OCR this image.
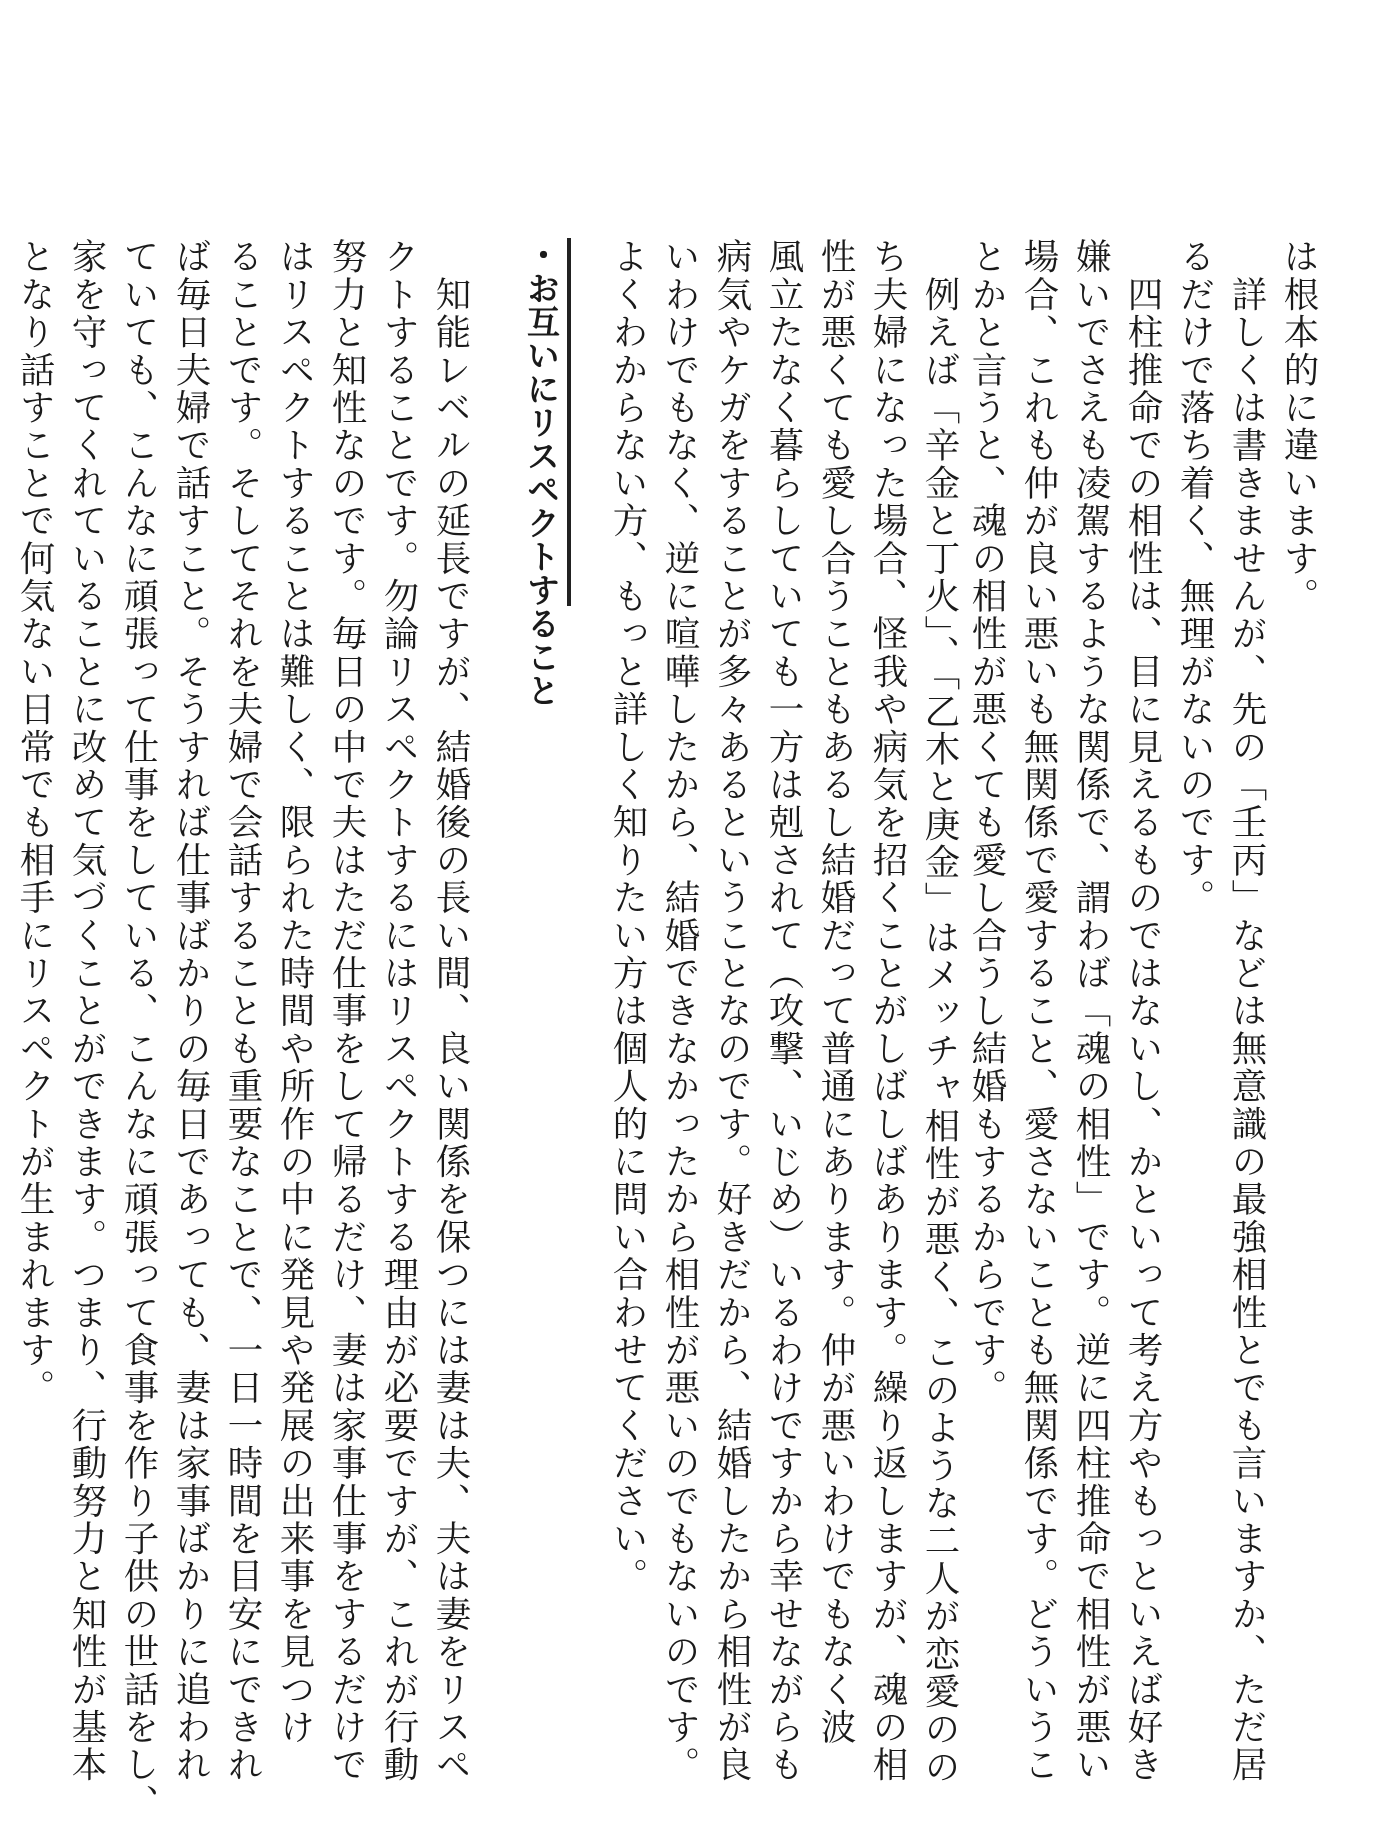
は根本的に違います。
　詳しくは書きませんが、先の「壬丙」などは無意識の最強相性とでも言いますか、ただ居
るだけで落ち着く、無理がないのです。
　四柱推命での相性は、目に見えるものではないし、かといって考え方やもっといえば好き
嫌いでさえも凌駕するような関係で、謂わば「魂の相性」です。逆に四柱推命で相性が悪い
場合、これも仲が良い悪いも無関係で愛すること、愛さないことも無関係です。どういうこ
とかと言うと、魂の相性が悪くても愛し合うし結婚もするからです。
　例えば「辛金と丁火」、「乙木と庚金」はメッチャ相性が悪く、このような二人が恋愛のの
ち夫婦になった場合、怪我や病気を招くことがしばしばあります。繰り返しますが、魂の相
性が悪くても愛し合うこともあるし結婚だって普通にあります。仲が悪いわけでもなく波
風立たなく暮らしていても一方は剋されて（攻撃、いじめ）いるわけですから幸せながらも
病気やケガをすることが多々あるということなのです。好きだから、結婚したから相性が良
いわけでもなく、逆に喧嘩したから、結婚できなかったから相性が悪いのでもないのです。
よくわからない方、もっと詳しく知りたい方は個人的に問い合わせてください。
・お互いにリスペクトすること
　知能レベルの延長ですが、結婚後の長い間、良い関係を保つには妻は夫、夫は妻をリスペ
クトすることです。勿論リスペクトするにはリスペクトする理由が必要ですが、これが行動
努力と知性なのです。毎日の中で夫はただ仕事をして帰るだけ、妻は家事仕事をするだけで
はリスペクトすることは難しく、限られた時間や所作の中に発見や発展の出来事を見つけ
ることです。そしてそれを夫婦で会話することも重要なことで、一日一時間を目安にできれ
ば毎日夫婦で話すこと。そうすれば仕事ばかりの毎日であっても、妻は家事ばかりに追われ
ていても、こんなに頑張って仕事をしている、こんなに頑張って食事を作り子供の世話をし、
家を守ってくれていることに改めて気づくことができます。つまり、行動努力と知性が基本
となり話すことで何気ない日常でも相手にリスペクトが生まれます。
